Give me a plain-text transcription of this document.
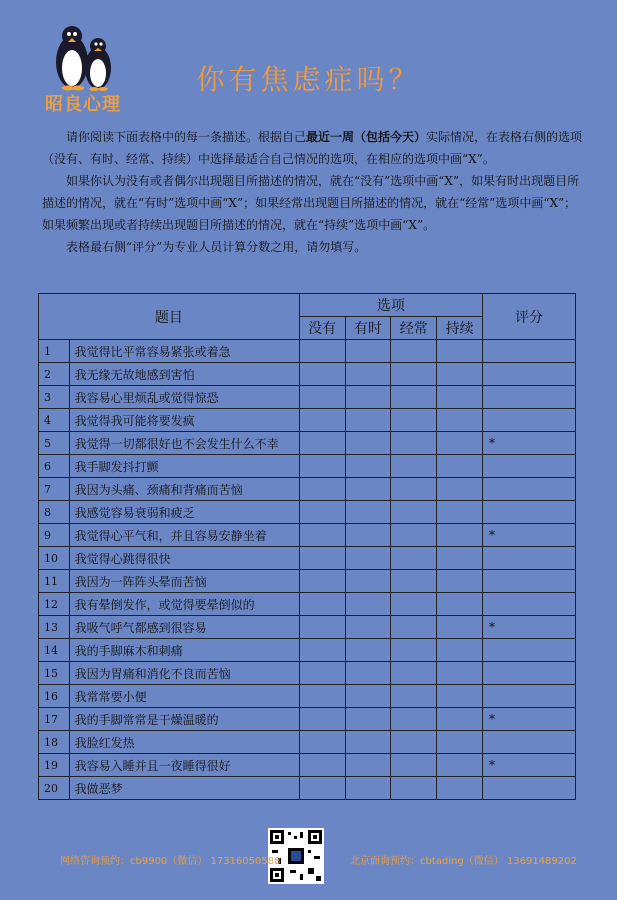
昭良心理
你有焦虑症吗？

请你阅读下面表格中的每一条描述。根据自己最近一周（包括今天）实际情况，在表格右侧的选项（没有、有时、经常、持续）中选择最适合自己情况的选项，在相应的选项中画“X”。

如果你认为没有或者偶尔出现题目所描述的情况，就在“没有”选项中画“X”，如果有时出现题目所描述的情况，就在“有时”选项中画“X”；如果经常出现题目所描述的情况，就在“经常”选项中画“X”；如果频繁出现或者持续出现题目所描述的情况，就在“持续”选项中画“X”。

表格最右侧“评分”为专业人员计算分数之用，请勿填写。

题目		选项				评分
		没有	有时	经常	持续	
1	我觉得比平常容易紧张或着急					
2	我无缘无故地感到害怕					
3	我容易心里烦乱或觉得惊恐					
4	我觉得我可能将要发疯					
5	我觉得一切都很好也不会发生什么不幸					*
6	我手脚发抖打颤					
7	我因为头痛、颈痛和背痛而苦恼					
8	我感觉容易衰弱和疲乏					
9	我觉得心平气和，并且容易安静坐着					*
10	我觉得心跳得很快					
11	我因为一阵阵头晕而苦恼					
12	我有晕倒发作，或觉得要晕倒似的					
13	我吸气呼气都感到很容易					*
14	我的手脚麻木和刺痛					
15	我因为胃痛和消化不良而苦恼					
16	我常常要小便					
17	我的手脚常常是干燥温暖的					*
18	我脸红发热					
19	我容易入睡并且一夜睡得很好					*
20	我做恶梦					
网络咨询预约：cb9900（微信） 17316050588	北京面询预约：cbtading（微信） 13691489202
